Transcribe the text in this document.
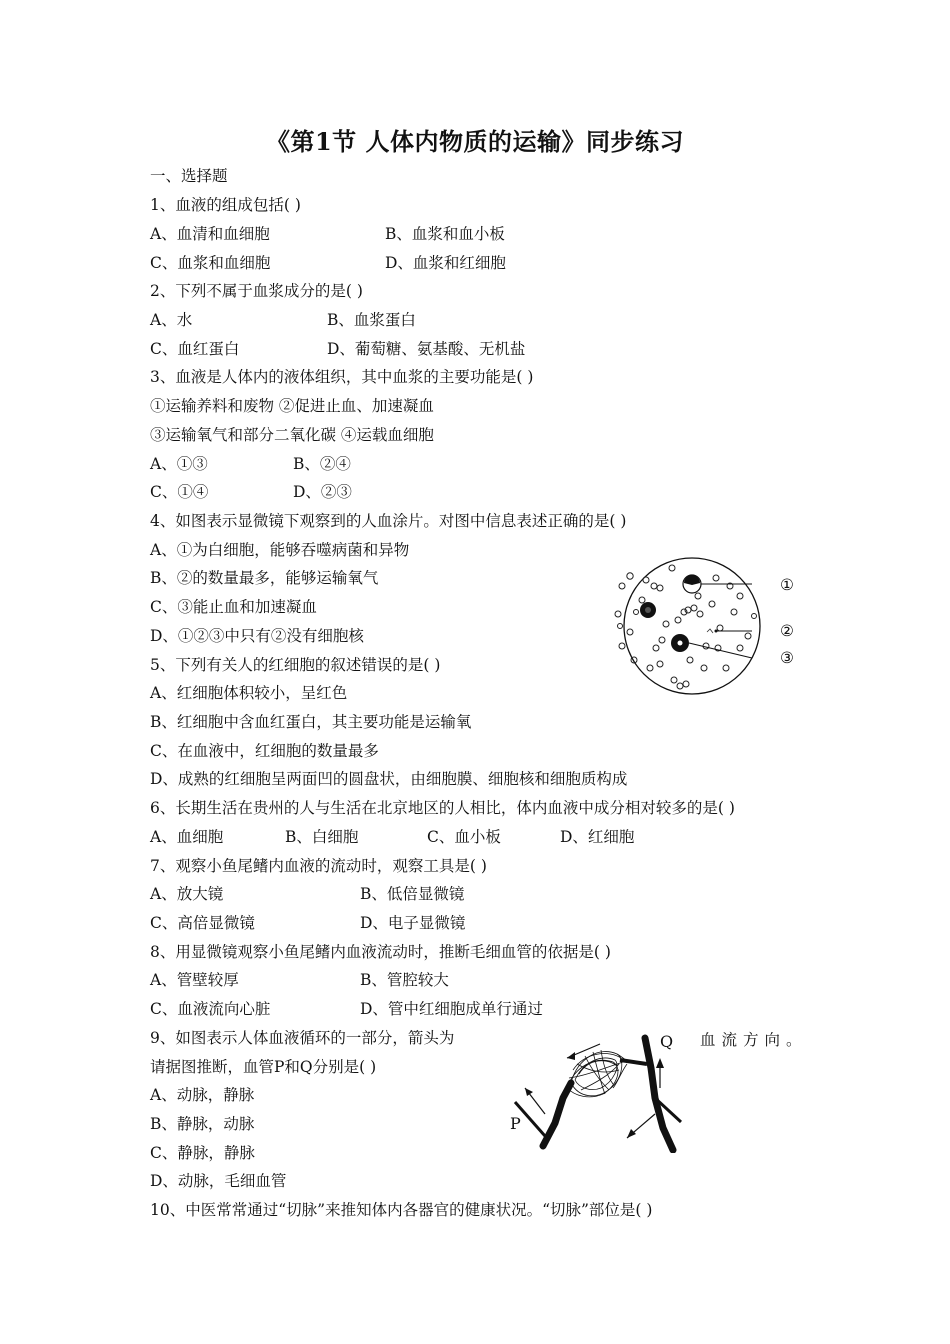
《第1节 人体内物质的运输》同步练习
一、选择题
1、血液的组成包括( )
A、血清和血细胞	B、血浆和血小板
C、血浆和血细胞	D、血浆和红细胞
2、下列不属于血浆成分的是( )
A、水	B、血浆蛋白
C、血红蛋白	D、葡萄糖、氨基酸、无机盐
3、血液是人体内的液体组织，其中血浆的主要功能是( )
①运输养料和废物 ②促进止血、加速凝血
③运输氧气和部分二氧化碳 ④运载血细胞
A、①③	B、②④
C、①④	D、②③
4、如图表示显微镜下观察到的人血涂片。对图中信息表述正确的是( )
A、①为白细胞，能够吞噬病菌和异物
B、②的数量最多，能够运输氧气
C、③能止血和加速凝血
D、①②③中只有②没有细胞核
①
②
③
5、下列有关人的红细胞的叙述错误的是( )
A、红细胞体积较小，呈红色
B、红细胞中含血红蛋白，其主要功能是运输氧
C、在血液中，红细胞的数量最多
D、成熟的红细胞呈两面凹的圆盘状，由细胞膜、细胞核和细胞质构成
6、长期生活在贵州的人与生活在北京地区的人相比，体内血液中成分相对较多的是( )
A、血细胞	B、白细胞	C、血小板	D、红细胞
7、观察小鱼尾鳍内血液的流动时，观察工具是( )
A、放大镜	B、低倍显微镜
C、高倍显微镜	D、电子显微镜
8、用显微镜观察小鱼尾鳍内血液流动时，推断毛细血管的依据是( )
A、管壁较厚	B、管腔较大
C、血液流向心脏	D、管中红细胞成单行通过
9、如图表示人体血液循环的一部分，箭头为	血流方向。
请据图推断，血管P和Q分别是( )
A、动脉，静脉
B、静脉，动脉
C、静脉，静脉
D、动脉，毛细血管
Q
P
10、中医常常通过“切脉”来推知体内各器官的健康状况。“切脉”部位是( )
